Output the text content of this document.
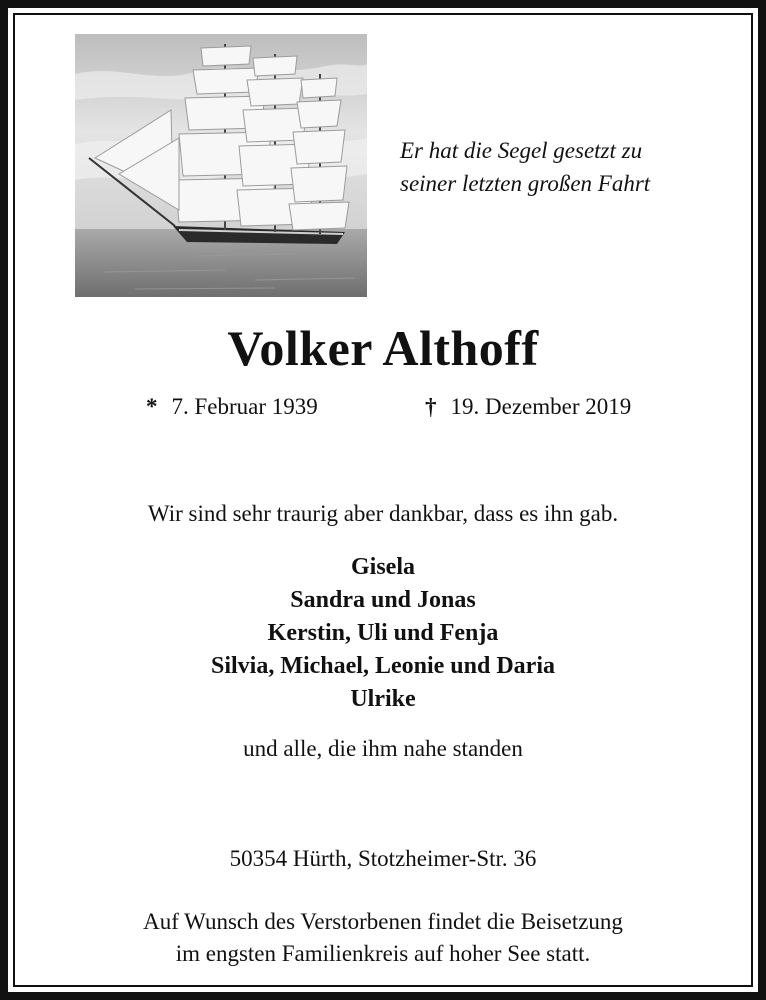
Er hat die Segel gesetzt zu
seiner letzten großen Fahrt
Volker Althoff
* 7. Februar 1939	† 19. Dezember 2019
Wir sind sehr traurig aber dankbar, dass es ihn gab.
Gisela
Sandra und Jonas
Kerstin, Uli und Fenja
Silvia, Michael, Leonie und Daria
Ulrike
und alle, die ihm nahe standen
50354 Hürth, Stotzheimer-Str. 36
Auf Wunsch des Verstorbenen findet die Beisetzung
im engsten Familienkreis auf hoher See statt.
